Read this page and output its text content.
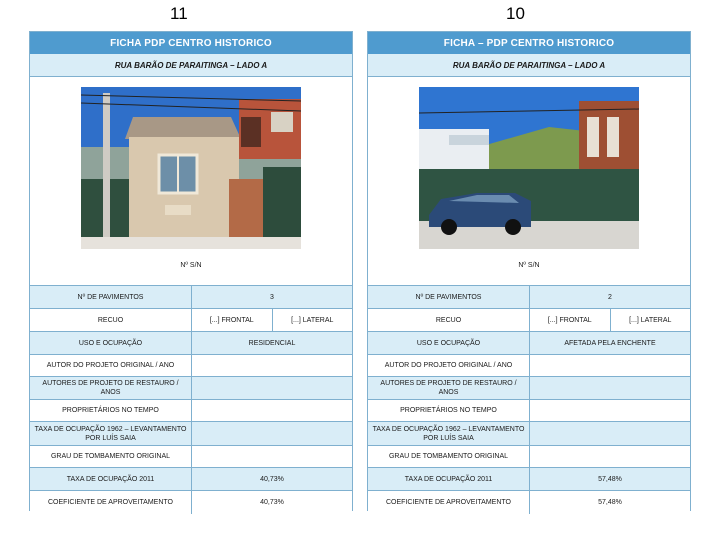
11
FICHA PDP CENTRO HISTORICO
RUA BARÃO DE PARAITINGA – LADO A
Nº S/N
Nº DE PAVIMENTOS	3
RECUO	[...] FRONTAL	[...] LATERAL
USO E OCUPAÇÃO	RESIDENCIAL
AUTOR DO PROJETO ORIGINAL / ANO
AUTORES DE PROJETO DE RESTAURO / ANOS
PROPRIETÁRIOS NO TEMPO
TAXA DE OCUPAÇÃO 1962 – LEVANTAMENTO POR LUÍS SAIA
GRAU DE TOMBAMENTO ORIGINAL
TAXA DE OCUPAÇÃO 2011	40,73%
COEFICIENTE DE APROVEITAMENTO	40,73%
10
FICHA – PDP CENTRO HISTORICO
RUA BARÃO DE PARAITINGA – LADO A
Nº S/N
Nº DE PAVIMENTOS	2
RECUO	[...] FRONTAL	[...] LATERAL
USO E OCUPAÇÃO	AFETADA PELA ENCHENTE
AUTOR DO PROJETO ORIGINAL / ANO
AUTORES DE PROJETO DE RESTAURO / ANOS
PROPRIETÁRIOS NO TEMPO
TAXA DE OCUPAÇÃO 1962 – LEVANTAMENTO POR LUÍS SAIA
GRAU DE TOMBAMENTO ORIGINAL
TAXA DE OCUPAÇÃO 2011	57,48%
COEFICIENTE DE APROVEITAMENTO	57,48%
